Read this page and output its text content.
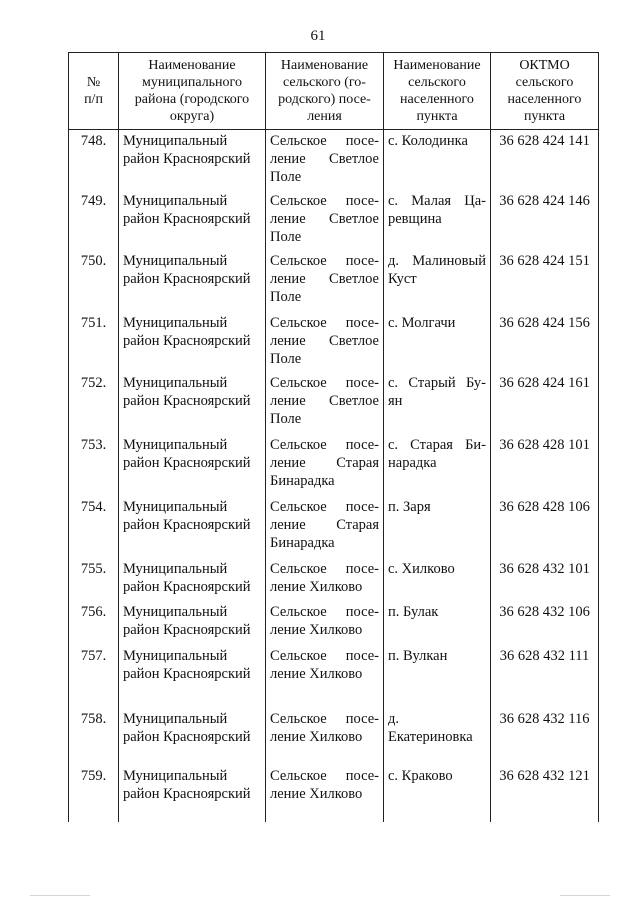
61
№
п/п	Наименование
муниципального
района (городского
округа)	Наименование
сельского (го-
родского) посе-
ления	Наименование
сельского
населенного
пункта	ОКТМО
сельского
населенного
пункта

748.	Муниципальный
район Красноярский	Сельское посе-ление Светлое Поле	с. Колодинка	36 628 424 141

749.	Муниципальный
район Красноярский	Сельское посе-ление Светлое Поле	с. Малая Ца-ревщина	36 628 424 146

750.	Муниципальный
район Красноярский	Сельское посе-ление Светлое Поле	д. Малиновый Куст	36 628 424 151

751.	Муниципальный
район Красноярский	Сельское посе-ление Светлое Поле	с. Молгачи	36 628 424 156

752.	Муниципальный
район Красноярский	Сельское посе-ление Светлое Поле	с. Старый Бу-ян	36 628 424 161

753.	Муниципальный
район Красноярский	Сельское посе-ление Старая Бинарадка	с. Старая Би-нарадка	36 628 428 101

754.	Муниципальный
район Красноярский	Сельское посе-ление Старая Бинарадка	п. Заря	36 628 428 106

755.	Муниципальный
район Красноярский	Сельское посе-ление Хилково	с. Хилково	36 628 432 101

756.	Муниципальный
район Красноярский	Сельское посе-ление Хилково	п. Булак	36 628 432 106

757.	Муниципальный
район Красноярский	Сельское посе-ление Хилково	п. Вулкан	36 628 432 111

758.	Муниципальный
район Красноярский	Сельское посе-ление Хилково	д. Екатериновка	36 628 432 116

759.	Муниципальный
район Красноярский	Сельское посе-ление Хилково	с. Краково	36 628 432 121
